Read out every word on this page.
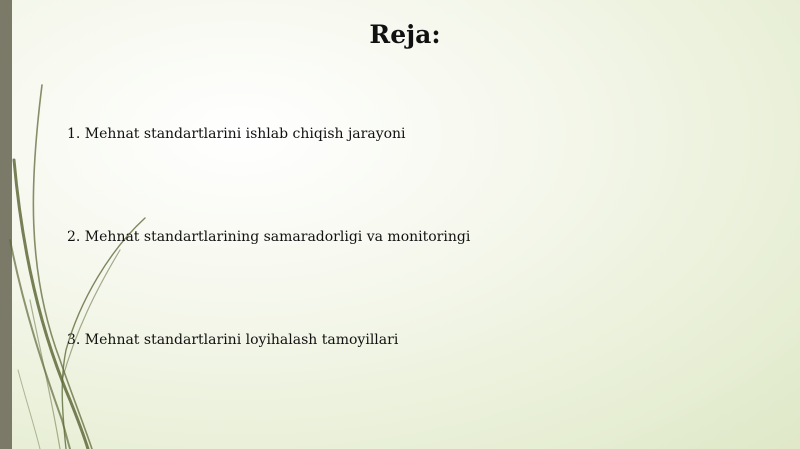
Reja:
1. Mehnat standartlarini ishlab chiqish jarayoni
2. Mehnat standartlarining samaradorligi va monitoringi
3. Mehnat standartlarini loyihalash tamoyillari
